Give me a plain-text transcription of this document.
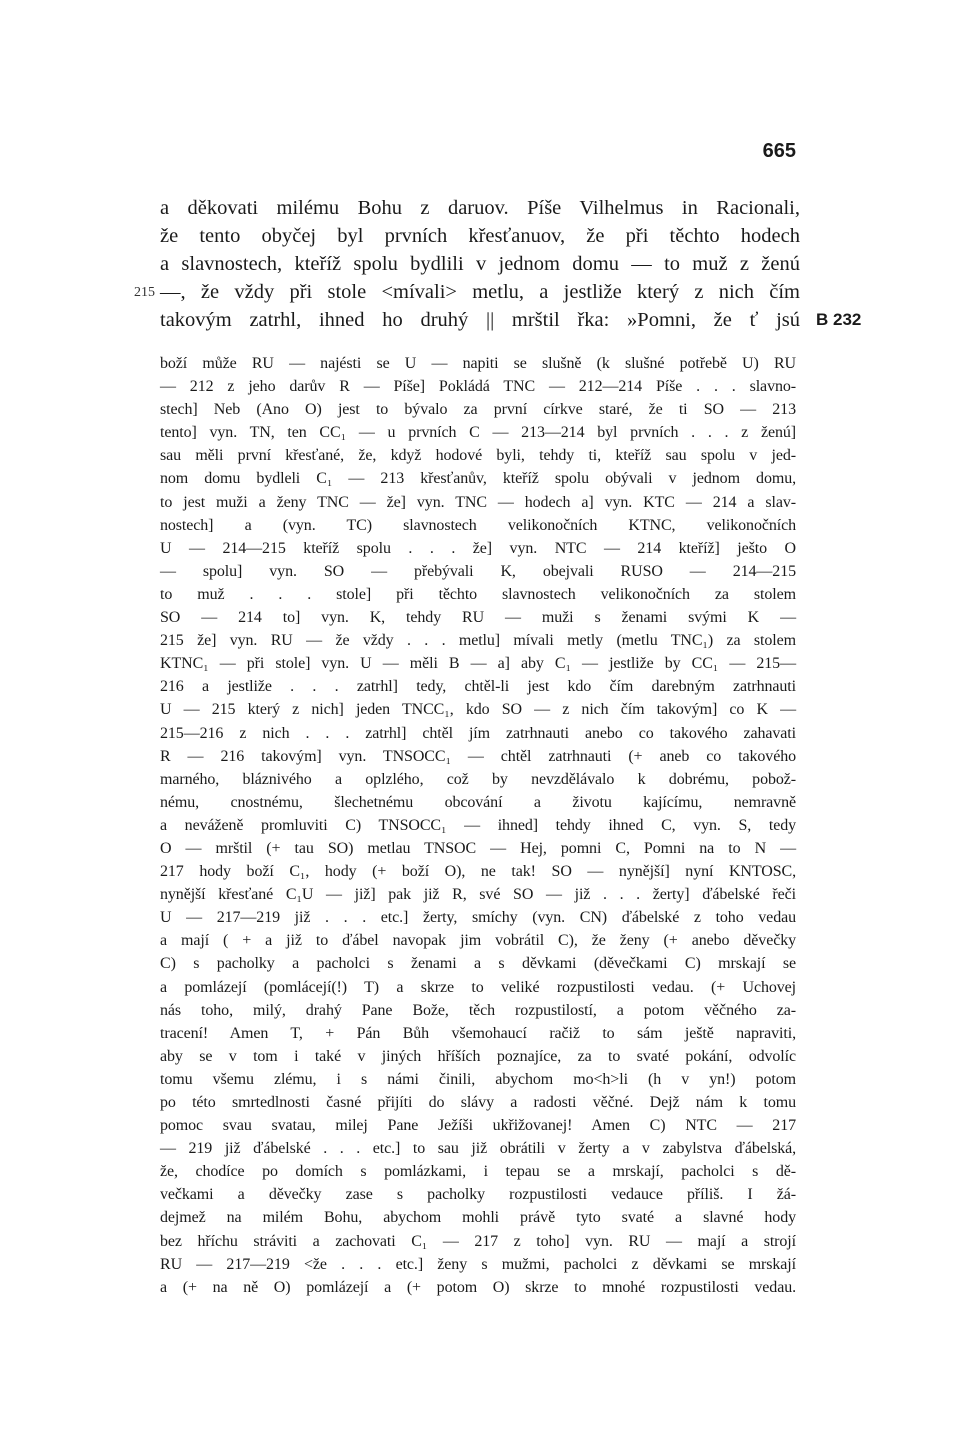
665
a děkovati milému Bohu z daruov. Píše Vilhelmus in Racionali,
že tento obyčej byl prvních křesťanuov, že při těchto hodech
a slavnostech, kteříž spolu bydlili v jednom domu — to muž z ženú
215 —, že vždy při stole <mívali> metlu, a jestliže který z nich čím
takovým zatrhl, ihned ho druhý || mrštil řka: »Pomni, že ť jsú B 232
boží může RU — najésti se U — napiti se slušně (k slušné potřebě U) RU
— 212 z jeho darův R — Píše] Pokládá TNC — 212—214 Píše . . . slavno-
stech] Neb (Ano O) jest to bývalo za první církve staré, že ti SO — 213
tento] vyn. TN, ten CC₁ — u prvních C — 213—214 byl prvních . . . z ženú]
sau měli první křesťané, že, když hodové byli, tehdy ti, kteříž sau spolu v jed-
nom domu bydleli C₁ — 213 křesťanův, kteříž spolu obývali v jednom domu,
to jest muži a ženy TNC — že] vyn. TNC — hodech a] vyn. KTC — 214 a slav-
nostech] a (vyn. TC) slavnostech velikonočních KTNC, velikonočních
U — 214—215 kteříž spolu . . . že] vyn. NTC — 214 kteříž] ješto O
— spolu] vyn. SO — přebývali K, obejvali RUSO — 214—215
to muž . . . stole] při těchto slavnostech velikonočních za stolem
SO — 214 to] vyn. K, tehdy RU — muži s ženami svými K —
215 že] vyn. RU — že vždy . . . metlu] mívali metly (metlu TNC₁) za stolem
KTNC₁ — při stole] vyn. U — měli B — a] aby C₁ — jestliže by CC₁ — 215—
216 a jestliže . . . zatrhl] tedy, chtěl-li jest kdo čím darebným zatrhnauti
U — 215 který z nich] jeden TNCC₁, kdo SO — z nich čím takovým] co K —
215—216 z nich . . . zatrhl] chtěl jím zatrhnauti anebo co takového zahavati
R — 216 takovým] vyn. TNSOCC₁ — chtěl zatrhnauti (+ aneb co takového
marného, bláznivého a oplzlého, což by nevzdělávalo k dobrému, pobož-
nému, cnostnému, šlechetnému obcování a životu kajícímu, nemravně
a neváženě promluviti C) TNSOCC₁ — ihned] tehdy ihned C, vyn. S, tedy
O — mrštil (+ tau SO) metlau TNSOC — Hej, pomni C, Pomni na to N —
217 hody boží C₁, hody (+ boží O), ne tak! SO — nynější] nyní KNTOSC,
nynější křesťané C₁U — již] pak již R, své SO — již . . . žerty] ďábelské řeči
U — 217—219 již . . . etc.] žerty, smíchy (vyn. CN) ďábelské z toho vedau
a mají ( + a již to ďábel navopak jim vobrátil C), že ženy (+ anebo děvečky
C) s pacholky a pacholci s ženami a s děvkami (děvečkami C) mrskají se
a pomlázejí (pomlácejí(!) T) a skrze to veliké rozpustilosti vedau. (+ Uchovej
nás toho, milý, drahý Pane Bože, těch rozpustilostí, a potom věčného za-
tracení! Amen T, + Pán Bůh všemohaucí račiž to sám ještě napraviti,
aby se v tom i také v jiných hříších poznajíce, za to svaté pokání, odvolíc
tomu všemu zlému, i s námi činili, abychom mo<h>li (h v yn!) potom
po této smrtedlnosti časné přijíti do slávy a radosti věčné. Dejž nám k tomu
pomoc svau svatau, milej Pane Ježíši ukřižovanej! Amen C) NTC — 217
— 219 již ďábelské . . . etc.] to sau již obrátili v žerty a v zabylstva ďábelská,
že, chodíce po domích s pomlázkami, i tepau se a mrskají, pacholci s dě-
večkami a děvečky zase s pacholky rozpustilosti vedauce příliš. I žá-
dejmež na milém Bohu, abychom mohli právě tyto svaté a slavné hody
bez hříchu stráviti a zachovati C₁ — 217 z toho] vyn. RU — mají a strojí
RU — 217—219 <že . . . etc.] ženy s mužmi, pacholci z děvkami se mrskají
a (+ na ně O) pomlázejí a (+ potom O) skrze to mnohé rozpustilosti vedau.
